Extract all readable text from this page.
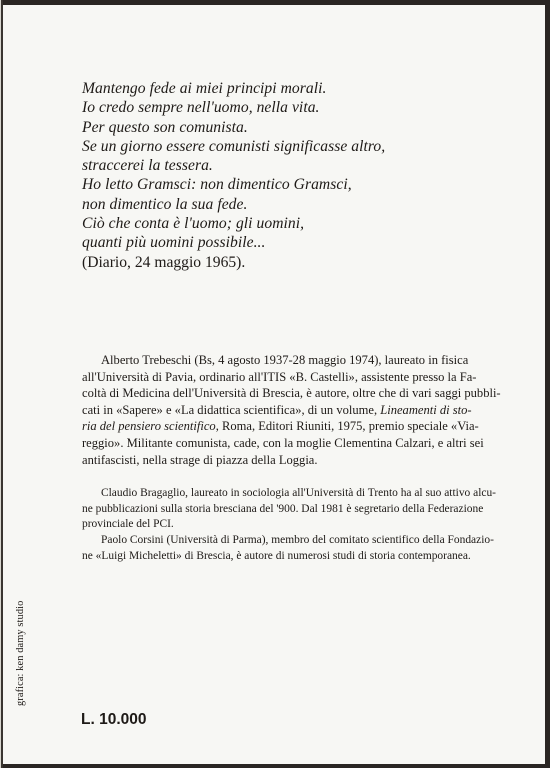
Mantengo fede ai miei principi morali.
Io credo sempre nell'uomo, nella vita.
Per questo son comunista.
Se un giorno essere comunisti significasse altro,
straccerei la tessera.
Ho letto Gramsci: non dimentico Gramsci,
non dimentico la sua fede.
Ciò che conta è l'uomo; gli uomini,
quanti più uomini possibile...
(Diario, 24 maggio 1965).
Alberto Trebeschi (Bs, 4 agosto 1937-28 maggio 1974), laureato in fisica
all'Università di Pavia, ordinario all'ITIS «B. Castelli», assistente presso la Fa-
coltà di Medicina dell'Università di Brescia, è autore, oltre che di vari saggi pubbli-
cati in «Sapere» e «La didattica scientifica», di un volume, Lineamenti di sto-
ria del pensiero scientifico, Roma, Editori Riuniti, 1975, premio speciale «Via-
reggio». Militante comunista, cade, con la moglie Clementina Calzari, e altri sei
antifascisti, nella strage di piazza della Loggia.
Claudio Bragaglio, laureato in sociologia all'Università di Trento ha al suo attivo alcu-
ne pubblicazioni sulla storia bresciana del '900. Dal 1981 è segretario della Federazione
provinciale del PCI.
Paolo Corsini (Università di Parma), membro del comitato scientifico della Fondazio-
ne «Luigi Micheletti» di Brescia, è autore di numerosi studi di storia contemporanea.
grafica: ken damy studio
L. 10.000
